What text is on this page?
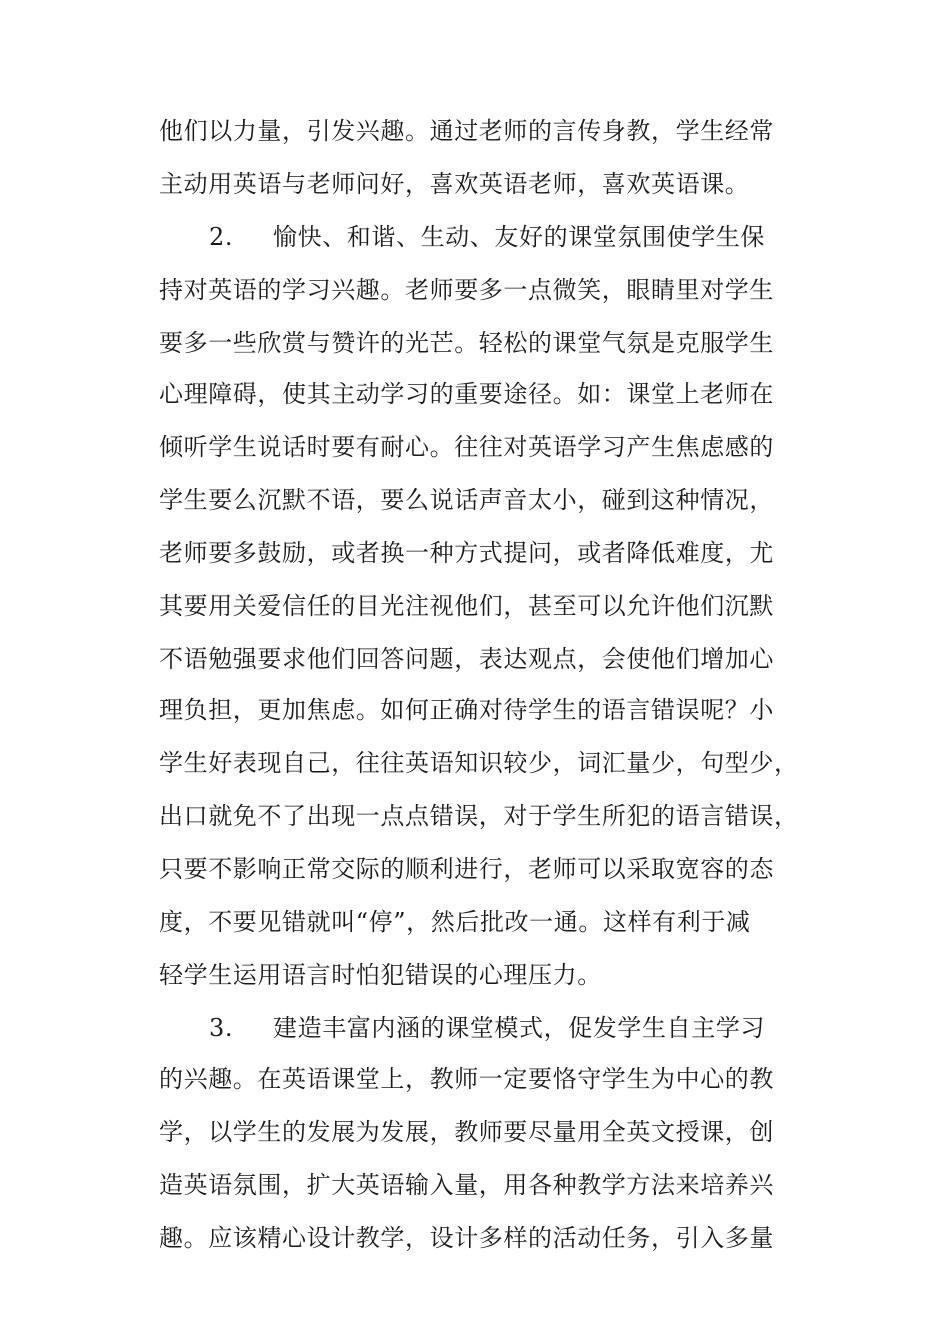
他们以力量，引发兴趣。通过老师的言传身教，学生经常
主动用英语与老师问好，喜欢英语老师，喜欢英语课。
2. 愉快、和谐、生动、友好的课堂氛围使学生保
持对英语的学习兴趣。老师要多一点微笑，眼睛里对学生
要多一些欣赏与赞许的光芒。轻松的课堂气氛是克服学生
心理障碍，使其主动学习的重要途径。如：课堂上老师在
倾听学生说话时要有耐心。往往对英语学习产生焦虑感的
学生要么沉默不语，要么说话声音太小，碰到这种情况，
老师要多鼓励，或者换一种方式提问，或者降低难度，尤
其要用关爱信任的目光注视他们，甚至可以允许他们沉默
不语勉强要求他们回答问题，表达观点，会使他们增加心
理负担，更加焦虑。如何正确对待学生的语言错误呢？小
学生好表现自己，往往英语知识较少，词汇量少，句型少，
出口就免不了出现一点点错误，对于学生所犯的语言错误，
只要不影响正常交际的顺利进行，老师可以采取宽容的态
度，不要见错就叫“停”，然后批改一通。这样有利于减
轻学生运用语言时怕犯错误的心理压力。
3. 建造丰富内涵的课堂模式，促发学生自主学习
的兴趣。在英语课堂上，教师一定要恪守学生为中心的教
学，以学生的发展为发展，教师要尽量用全英文授课，创
造英语氛围，扩大英语输入量，用各种教学方法来培养兴
趣。应该精心设计教学，设计多样的活动任务，引入多量
